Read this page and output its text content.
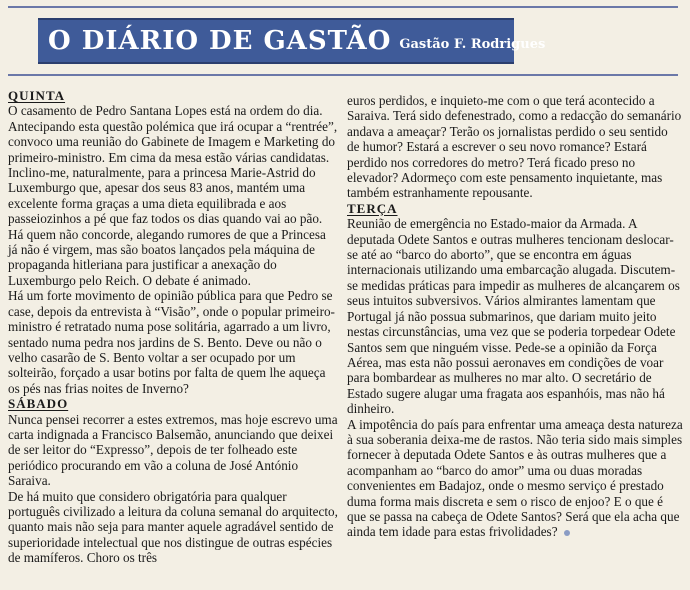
O DIÁRIO DE GASTÃO Gastão F. Rodrigues

QUINTA

O casamento de Pedro Santana Lopes está na ordem do dia. Antecipando esta questão polémica que irá ocupar a “rentrée”, convoco uma reunião do Gabinete de Imagem e Marketing do primeiro-ministro. Em cima da mesa estão várias candidatas. Inclino-me, naturalmente, para a princesa Marie-Astrid do Luxemburgo que, apesar dos seus 83 anos, mantém uma excelente forma graças a uma dieta equilibrada e aos passeiozinhos a pé que faz todos os dias quando vai ao pão. Há quem não concorde, alegando rumores de que a Princesa já não é virgem, mas são boatos lançados pela máquina de propaganda hitleriana para justificar a anexação do Luxemburgo pelo Reich. O debate é animado.

Há um forte movimento de opinião pública para que Pedro se case, depois da entrevista à “Visão”, onde o popular primeiro-ministro é retratado numa pose solitária, agarrado a um livro, sentado numa pedra nos jardins de S. Bento. Deve ou não o velho casarão de S. Bento voltar a ser ocupado por um solteirão, forçado a usar botins por falta de quem lhe aqueça os pés nas frias noites de Inverno?

SÁBADO

Nunca pensei recorrer a estes extremos, mas hoje escrevo uma carta indignada a Francisco Balsemão, anunciando que deixei de ser leitor do “Expresso”, depois de ter folheado este periódico procurando em vão a coluna de José António Saraiva.

De há muito que considero obrigatória para qualquer português civilizado a leitura da coluna semanal do arquitecto, quanto mais não seja para manter aquele agradável sentido de superioridade intelectual que nos distingue de outras espécies de mamíferos. Choro os três

euros perdidos, e inquieto-me com o que terá acontecido a Saraiva. Terá sido defenestrado, como a redacção do semanário andava a ameaçar? Terão os jornalistas perdido o seu sentido de humor? Estará a escrever o seu novo romance? Estará perdido nos corredores do metro? Terá ficado preso no elevador? Adormeço com este pensamento inquietante, mas também estranhamente repousante.

TERÇA

Reunião de emergência no Estado-maior da Armada. A deputada Odete Santos e outras mulheres tencionam deslocar-se até ao “barco do aborto”, que se encontra em águas internacionais utilizando uma embarcação alugada. Discutem-se medidas práticas para impedir as mulheres de alcançarem os seus intuitos subversivos. Vários almirantes lamentam que Portugal já não possua submarinos, que dariam muito jeito nestas circunstâncias, uma vez que se poderia torpedear Odete Santos sem que ninguém visse. Pede-se a opinião da Força Aérea, mas esta não possui aeronaves em condições de voar para bombardear as mulheres no mar alto. O secretário de Estado sugere alugar uma fragata aos espanhóis, mas não há dinheiro.

A impotência do país para enfrentar uma ameaça desta natureza à sua soberania deixa-me de rastos. Não teria sido mais simples fornecer à deputada Odete Santos e às outras mulheres que a acompanham ao “barco do amor” uma ou duas moradas convenientes em Badajoz, onde o mesmo serviço é prestado duma forma mais discreta e sem o risco de enjoo? E o que é que se passa na cabeça de Odete Santos? Será que ela acha que ainda tem idade para estas frivolidades?
